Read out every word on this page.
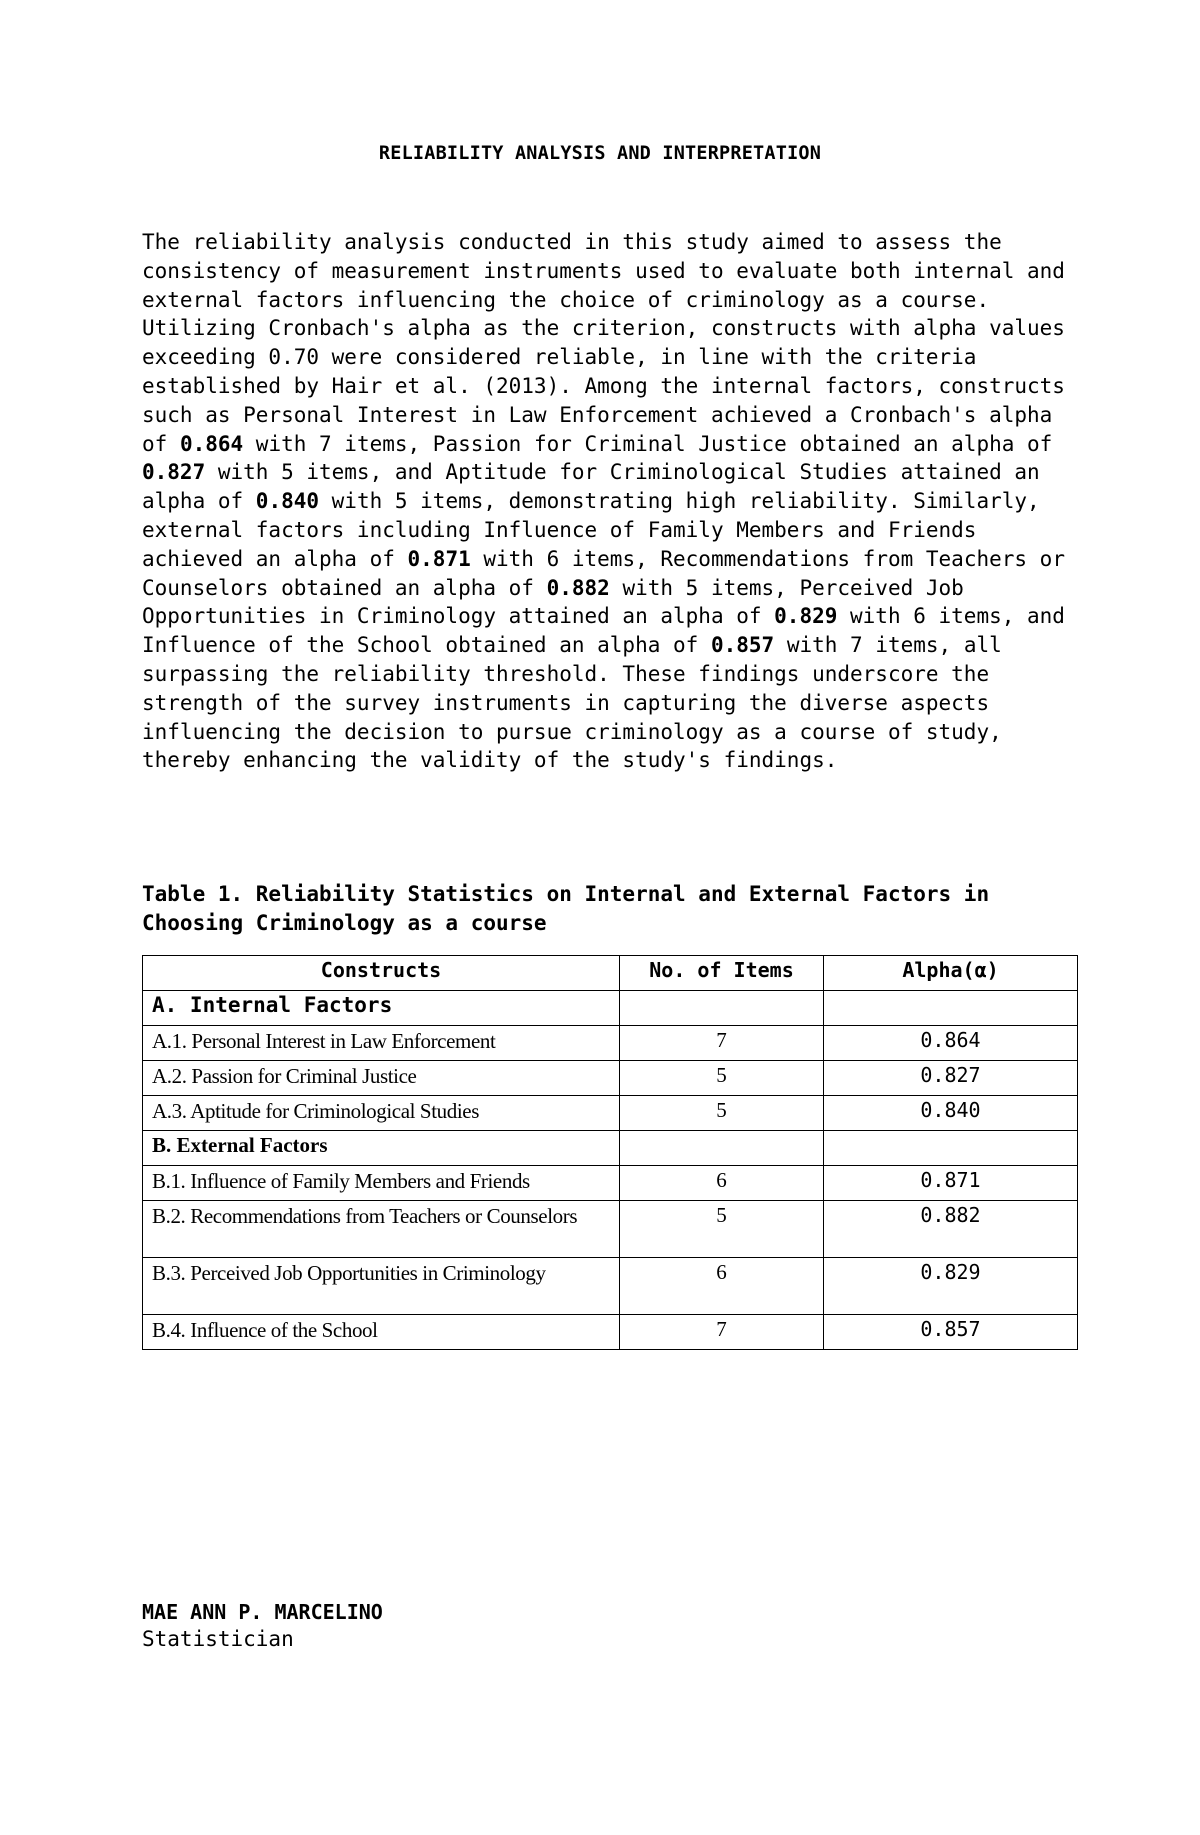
RELIABILITY ANALYSIS AND INTERPRETATION
The reliability analysis conducted in this study aimed to assess the consistency of measurement instruments used to evaluate both internal and external factors influencing the choice of criminology as a course. Utilizing Cronbach's alpha as the criterion, constructs with alpha values exceeding 0.70 were considered reliable, in line with the criteria established by Hair et al. (2013). Among the internal factors, constructs such as Personal Interest in Law Enforcement achieved a Cronbach's alpha of 0.864 with 7 items, Passion for Criminal Justice obtained an alpha of 0.827 with 5 items, and Aptitude for Criminological Studies attained an alpha of 0.840 with 5 items, demonstrating high reliability. Similarly, external factors including Influence of Family Members and Friends achieved an alpha of 0.871 with 6 items, Recommendations from Teachers or Counselors obtained an alpha of 0.882 with 5 items, Perceived Job Opportunities in Criminology attained an alpha of 0.829 with 6 items, and Influence of the School obtained an alpha of 0.857 with 7 items, all surpassing the reliability threshold. These findings underscore the strength of the survey instruments in capturing the diverse aspects influencing the decision to pursue criminology as a course of study, thereby enhancing the validity of the study's findings.
Table 1. Reliability Statistics on Internal and External Factors in Choosing Criminology as a course
Constructs	No. of Items	Alpha(α)
A. Internal Factors		
A.1. Personal Interest in Law Enforcement	7	0.864
A.2. Passion for Criminal Justice	5	0.827
A.3. Aptitude for Criminological Studies	5	0.840
B. External Factors		
B.1. Influence of Family Members and Friends	6	0.871
B.2. Recommendations from Teachers or Counselors	5	0.882
B.3. Perceived Job Opportunities in Criminology	6	0.829
B.4. Influence of the School	7	0.857
MAE ANN P. MARCELINO
Statistician
